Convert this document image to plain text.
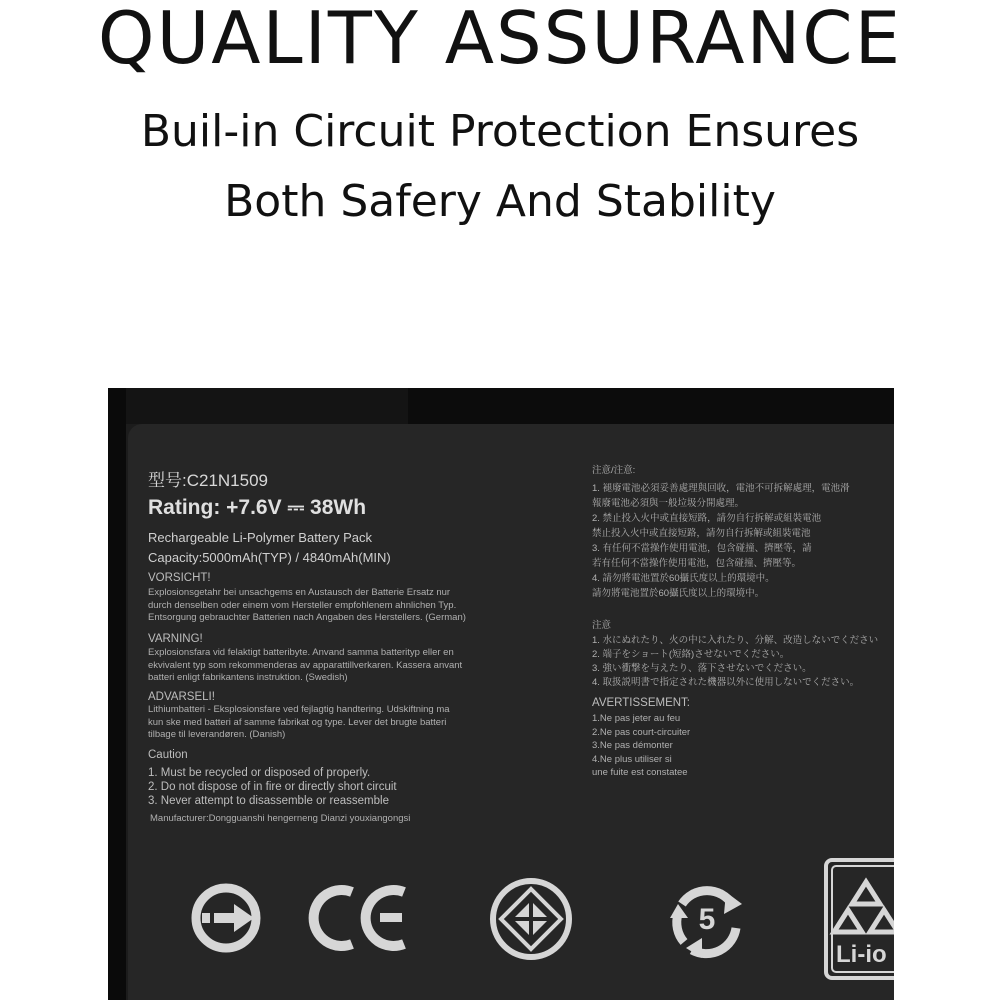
QUALITY ASSURANCE
Buil-in Circuit Protection Ensures
Both Safery And Stability
型号:C21N1509
Rating: +7.6V ⎓ 38Wh
Rechargeable Li-Polymer Battery Pack
Capacity:5000mAh(TYP) / 4840mAh(MIN)
VORSICHT!
Explosionsgetahr bei unsachgems en Austausch der Batterie Ersatz nur
durch denselben oder einem vom Hersteller empfohlenem ahnlichen Typ.
Entsorgung gebrauchter Batterien nach Angaben des Herstellers. (German)
VARNING!
Explosionsfara vid felaktigt batteribyte. Anvand samma batterityp eller en
ekvivalent typ som rekommenderas av apparattillverkaren. Kassera anvant
batteri enligt fabrikantens instruktion. (Swedish)
ADVARSELI!
Lithiumbatteri - Eksplosionsfare ved fejlagtig handtering. Udskiftning ma
kun ske med batteri af samme fabrikat og type. Lever det brugte batteri
tilbage til leverandøren. (Danish)
Caution
1. Must be recycled or disposed of properly.
2. Do not dispose of in fire or directly short circuit
3. Never attempt to disassemble or reassemble
Manufacturer:Dongguanshi hengerneng Dianzi youxiangongsi
注意/注意:
1. 褪廢電池必須妥善處理與回收，電池不可拆解處理，電池滑
報廢電池必須與一般垃圾分開處理。
2. 禁止投入火中或直接短路，請勿自行拆解或組裝電池
禁止投入火中或直接短路，請勿自行拆解或組裝電池
3. 有任何不當操作使用電池，包含碰撞、擠壓等，請
若有任何不當操作使用電池，包含碰撞、擠壓等。
4. 請勿將電池置於60攝氏度以上的環境中。
請勿將電池置於60攝氏度以上的環境中。
注意
1. 水にぬれたり、火の中に入れたり、分解、改造しないでください
2. 端子をショート(短絡)させないでください。
3. 強い衝撃を与えたり、落下させないでください。
4. 取扱説明書で指定された機器以外に使用しないでください。
AVERTISSEMENT:
1.Ne pas jeter au feu
2.Ne pas court-circuiter
3.Ne pas démonter
4.Ne plus utiliser si
une fuite est constatee
CE
5
Li-io
